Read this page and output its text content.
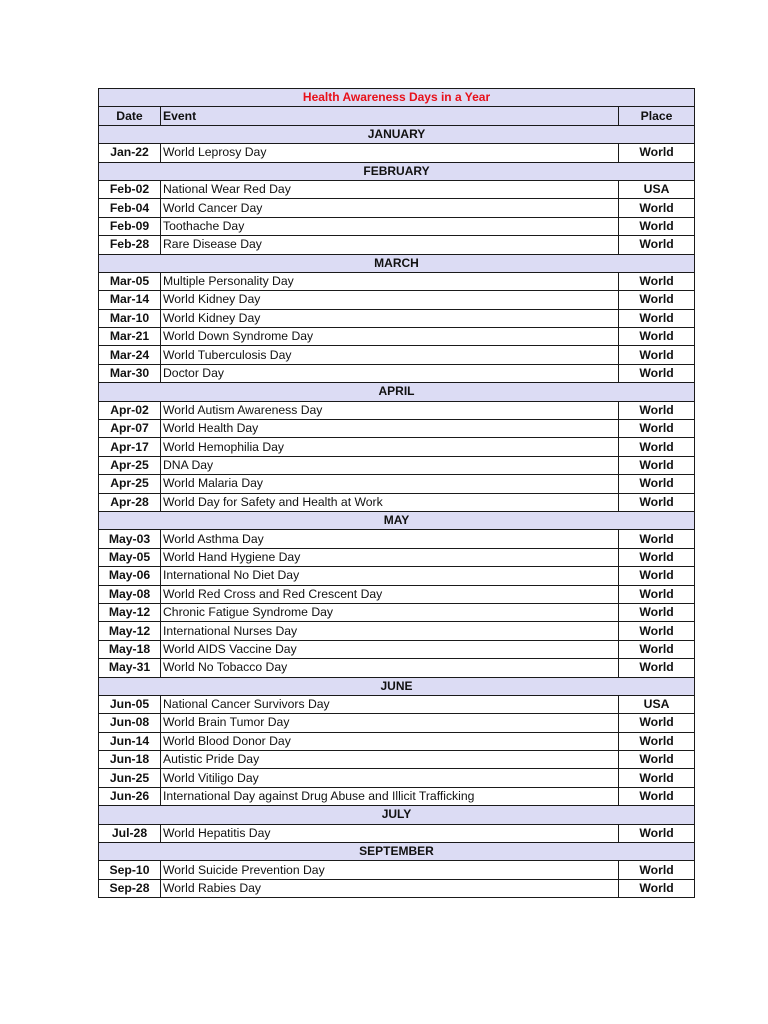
Health Awareness Days in a Year		
Date	Event	Place
JANUARY		
Jan-22	World Leprosy Day	World
FEBRUARY		
Feb-02	National Wear Red Day	USA
Feb-04	World Cancer Day	World
Feb-09	Toothache Day	World
Feb-28	Rare Disease Day	World
MARCH		
Mar-05	Multiple Personality Day	World
Mar-14	World Kidney Day	World
Mar-10	World Kidney Day	World
Mar-21	World Down Syndrome Day	World
Mar-24	World Tuberculosis Day	World
Mar-30	Doctor Day	World
APRIL		
Apr-02	World Autism Awareness Day	World
Apr-07	World Health Day	World
Apr-17	World Hemophilia Day	World
Apr-25	DNA Day	World
Apr-25	World Malaria Day	World
Apr-28	World Day for Safety and Health at Work	World
MAY		
May-03	World Asthma Day	World
May-05	World Hand Hygiene Day	World
May-06	International No Diet Day	World
May-08	World Red Cross and Red Crescent Day	World
May-12	Chronic Fatigue Syndrome Day	World
May-12	International Nurses Day	World
May-18	World AIDS Vaccine Day	World
May-31	World No Tobacco Day	World
JUNE		
Jun-05	National Cancer Survivors Day	USA
Jun-08	World Brain Tumor Day	World
Jun-14	World Blood Donor Day	World
Jun-18	Autistic Pride Day	World
Jun-25	World Vitiligo Day	World
Jun-26	International Day against Drug Abuse and Illicit Trafficking	World
JULY		
Jul-28	World Hepatitis Day	World
SEPTEMBER		
Sep-10	World Suicide Prevention Day	World
Sep-28	World Rabies Day	World
